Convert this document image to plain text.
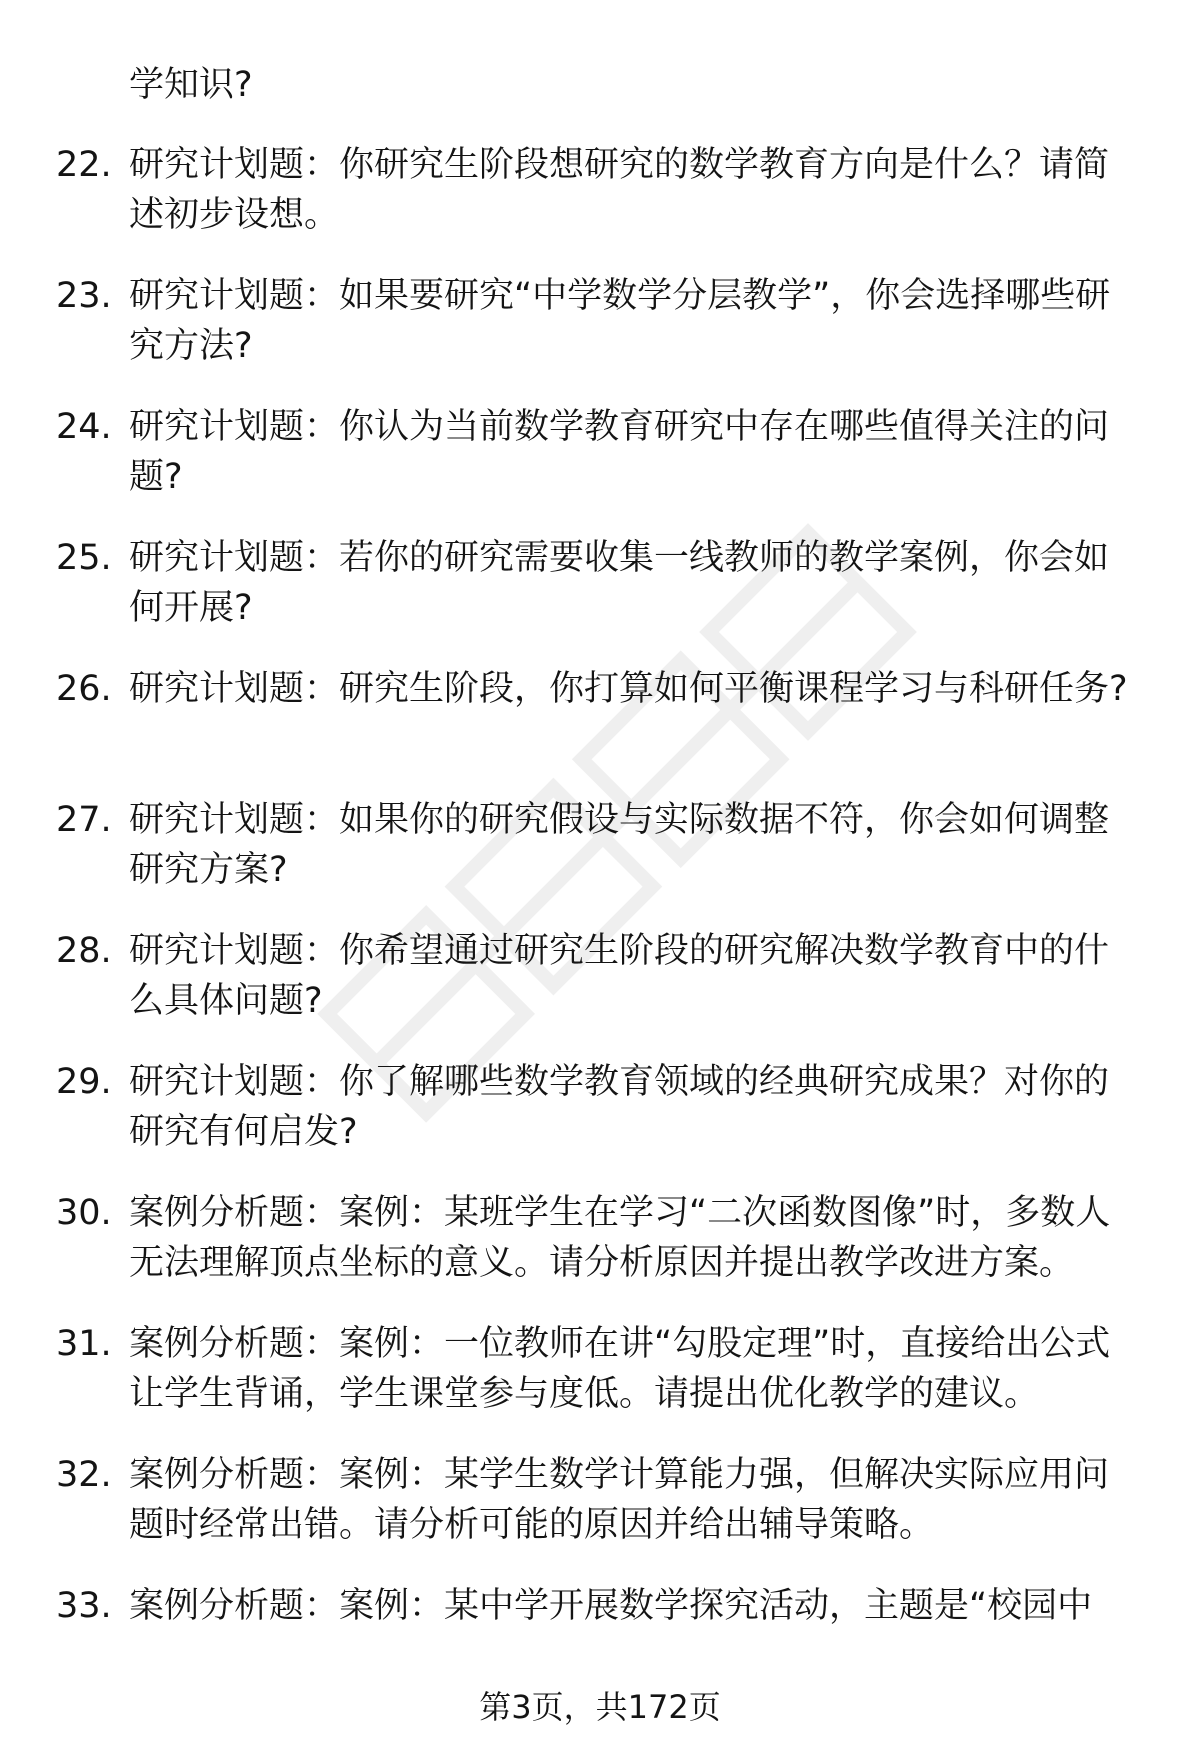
学知识?

22. 研究计划题：你研究生阶段想研究的数学教育方向是什么？请简述初步设想。

23. 研究计划题：如果要研究“中学数学分层教学”，你会选择哪些研究方法?

24. 研究计划题：你认为当前数学教育研究中存在哪些值得关注的问题?

25. 研究计划题：若你的研究需要收集一线教师的教学案例，你会如何开展?

26. 研究计划题：研究生阶段，你打算如何平衡课程学习与科研任务?

27. 研究计划题：如果你的研究假设与实际数据不符，你会如何调整研究方案?

28. 研究计划题：你希望通过研究生阶段的研究解决数学教育中的什么具体问题?

29. 研究计划题：你了解哪些数学教育领域的经典研究成果？对你的研究有何启发?

30. 案例分析题：案例：某班学生在学习“二次函数图像”时，多数人无法理解顶点坐标的意义。请分析原因并提出教学改进方案。

31. 案例分析题：案例：一位教师在讲“勾股定理”时，直接给出公式让学生背诵，学生课堂参与度低。请提出优化教学的建议。

32. 案例分析题：案例：某学生数学计算能力强，但解决实际应用问题时经常出错。请分析可能的原因并给出辅导策略。

33. 案例分析题：案例：某中学开展数学探究活动，主题是“校园中

第3页，共172页
